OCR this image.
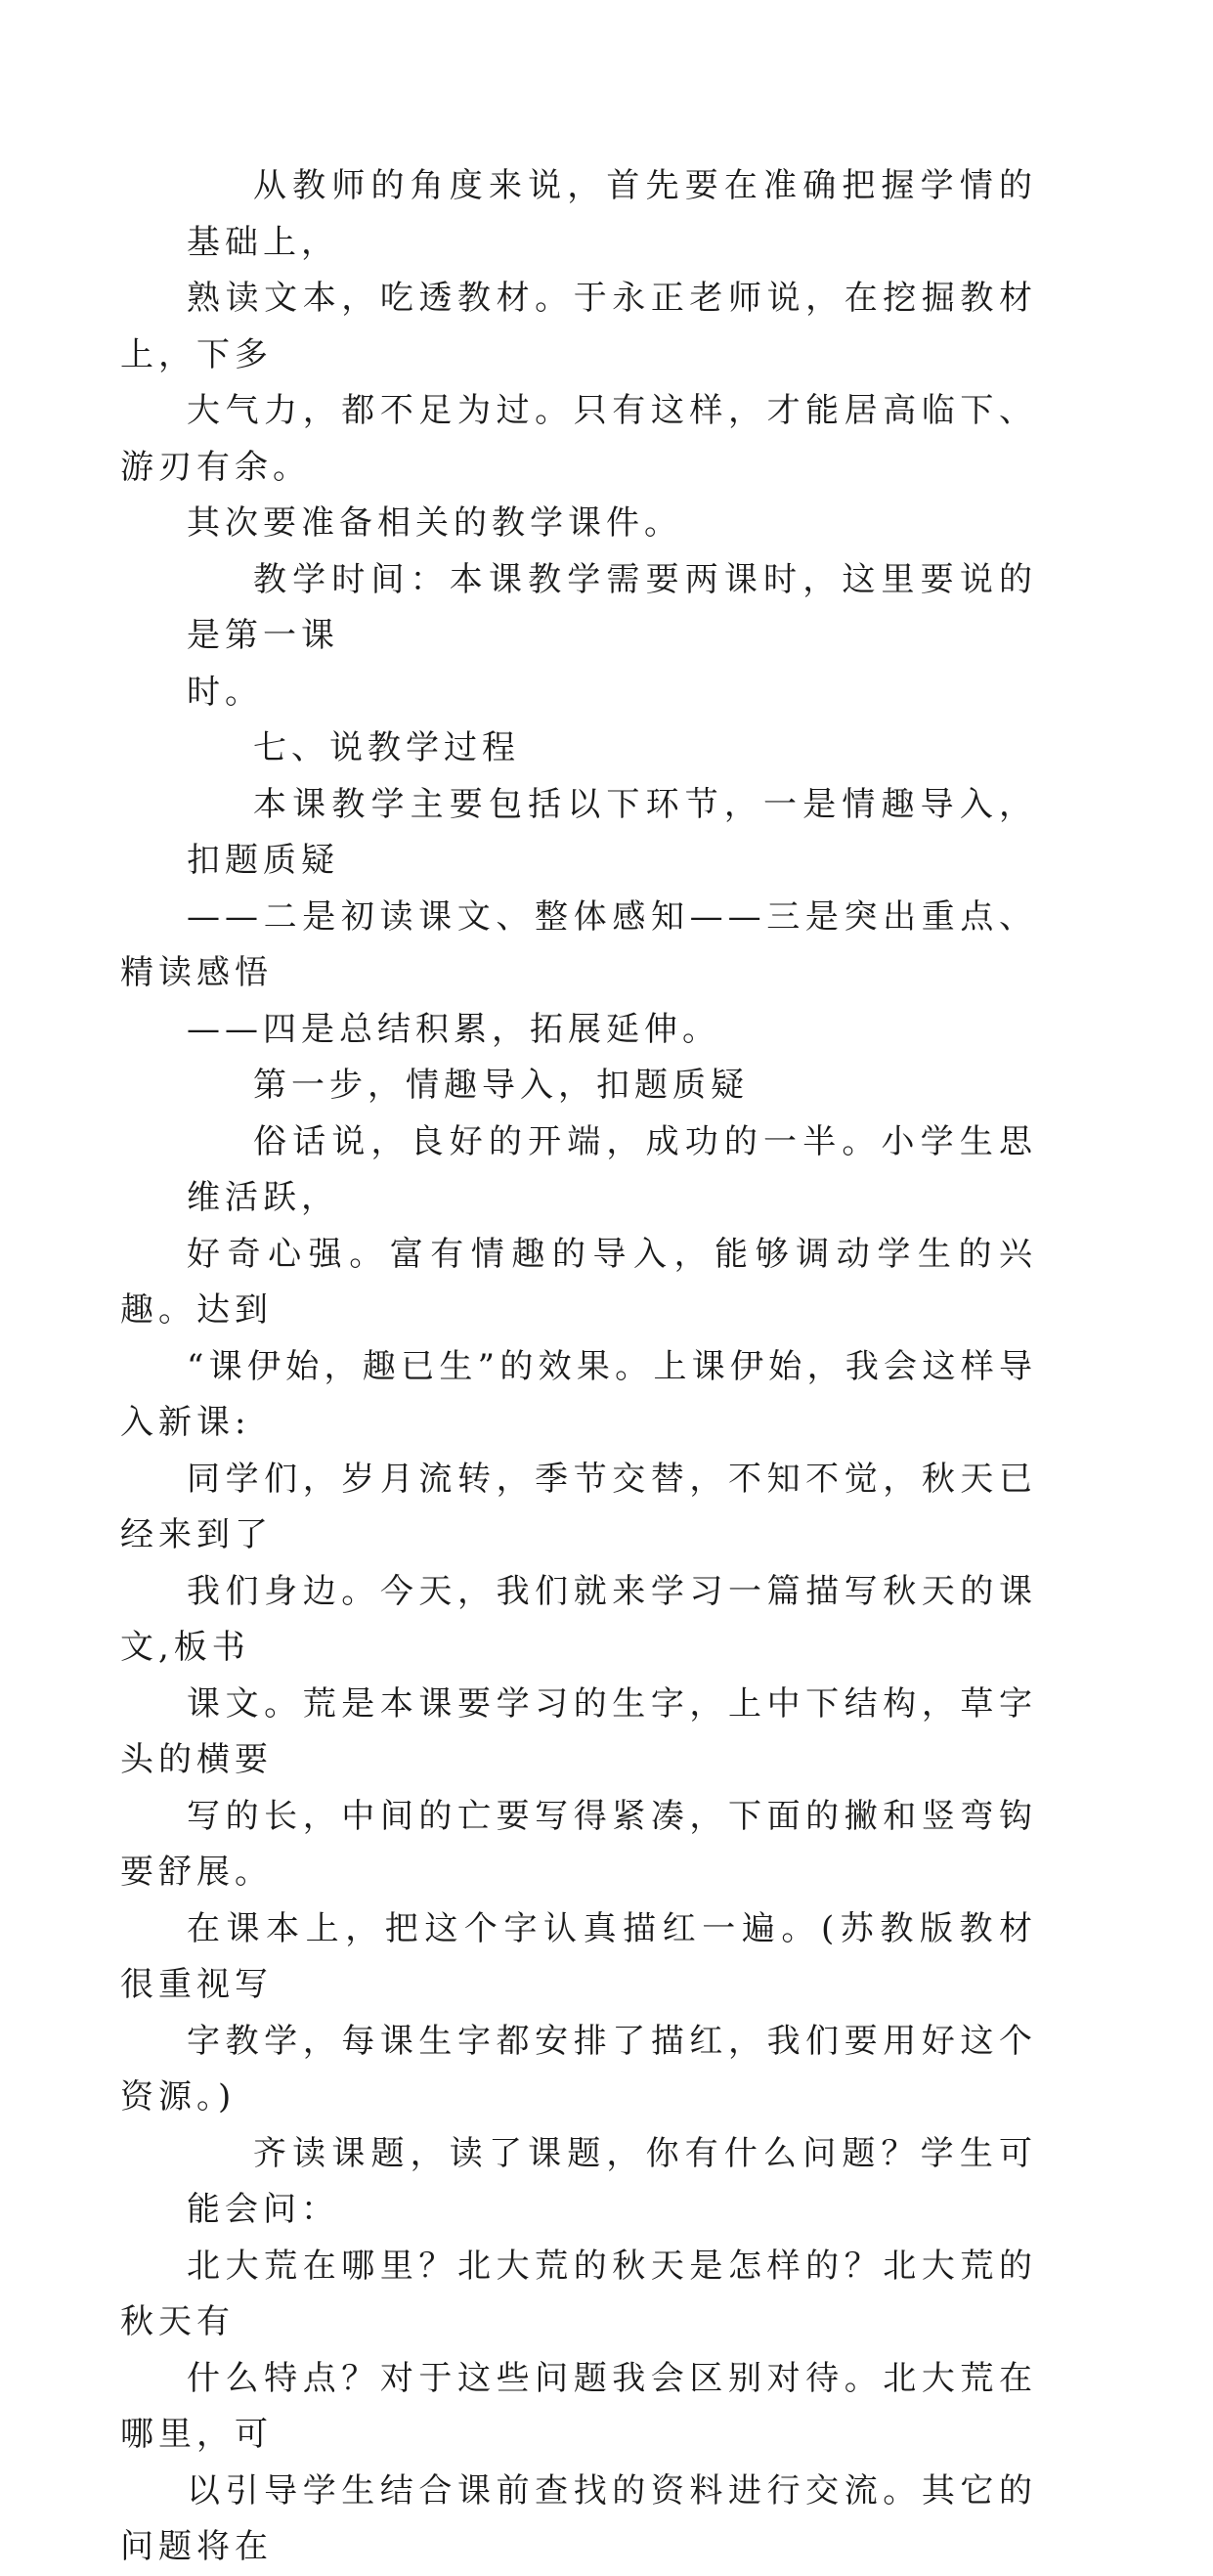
从教师的角度来说，首先要在准确把握学情的基础上，
熟读文本，吃透教材。于永正老师说，在挖掘教材上，下多
大气力，都不足为过。只有这样，才能居高临下、游刃有余。
其次要准备相关的教学课件。

教学时间：本课教学需要两课时，这里要说的是第一课
时。

七、说教学过程

本课教学主要包括以下环节，一是情趣导入，扣题质疑
——二是初读课文、整体感知——三是突出重点、精读感悟
——四是总结积累，拓展延伸。

第一步，情趣导入，扣题质疑

俗话说，良好的开端，成功的一半。小学生思维活跃，
好奇心强。富有情趣的导入，能够调动学生的兴趣。达到
“课伊始，趣已生”的效果。上课伊始，我会这样导入新课:
同学们，岁月流转，季节交替，不知不觉，秋天已经来到了
我们身边。今天，我们就来学习一篇描写秋天的课文,板书
课文。荒是本课要学习的生字，上中下结构，草字头的横要
写的长，中间的亡要写得紧凑，下面的撇和竖弯钩要舒展。
在课本上，把这个字认真描红一遍。(苏教版教材很重视写
字教学，每课生字都安排了描红，我们要用好这个资源。)

齐读课题，读了课题，你有什么问题？学生可能会问：
北大荒在哪里？北大荒的秋天是怎样的？北大荒的秋天有
什么特点？对于这些问题我会区别对待。北大荒在哪里，可
以引导学生结合课前查找的资料进行交流。其它的问题将在
